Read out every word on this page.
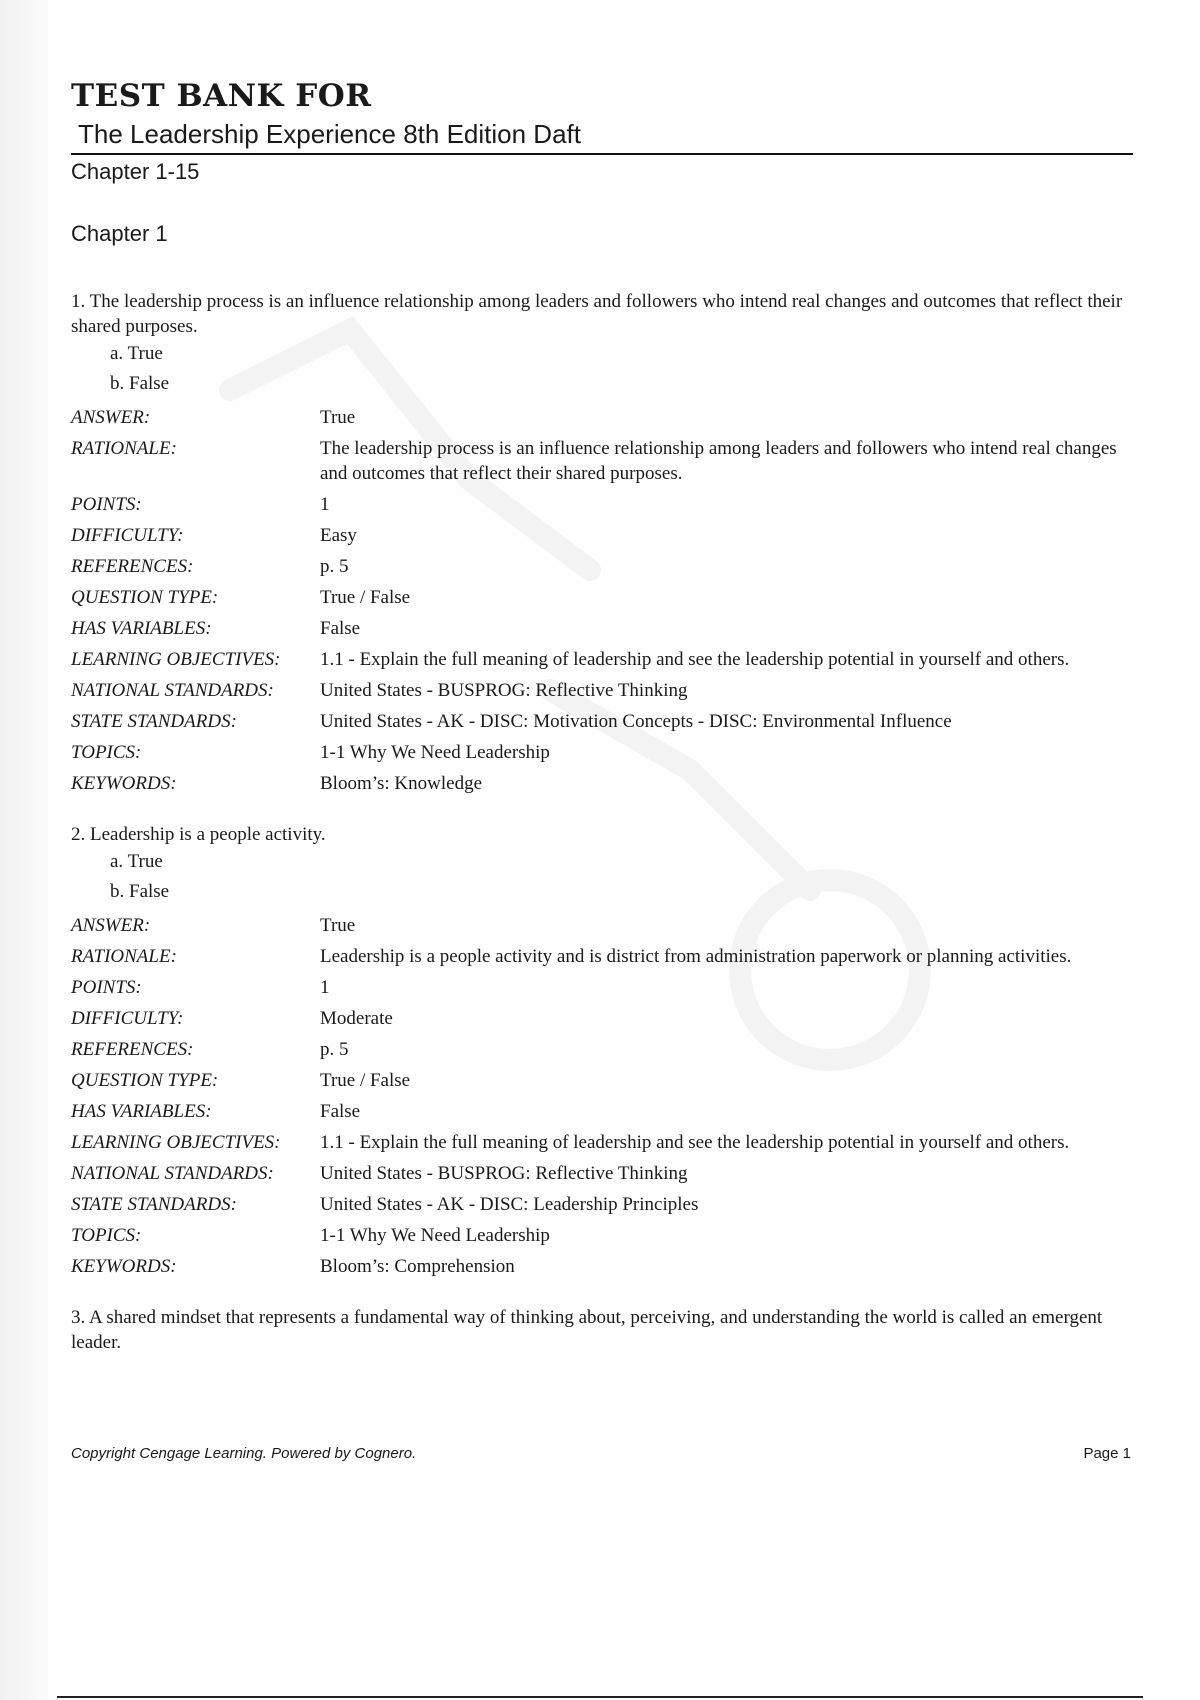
TEST BANK FOR
The Leadership Experience 8th Edition Daft
Chapter 1-15
Chapter 1
1. The leadership process is an influence relationship among leaders and followers who intend real changes and outcomes that reflect their shared purposes.
a. True
b. False
ANSWER:	True
RATIONALE:	The leadership process is an influence relationship among leaders and followers who intend real changes and outcomes that reflect their shared purposes.
POINTS:	1
DIFFICULTY:	Easy
REFERENCES:	p. 5
QUESTION TYPE:	True / False
HAS VARIABLES:	False
LEARNING OBJECTIVES:	1.1 - Explain the full meaning of leadership and see the leadership potential in yourself and others.
NATIONAL STANDARDS:	United States - BUSPROG: Reflective Thinking
STATE STANDARDS:	United States - AK - DISC: Motivation Concepts - DISC: Environmental Influence
TOPICS:	1-1 Why We Need Leadership
KEYWORDS:	Bloom’s: Knowledge
2. Leadership is a people activity.
a. True
b. False
ANSWER:	True
RATIONALE:	Leadership is a people activity and is district from administration paperwork or planning activities.
POINTS:	1
DIFFICULTY:	Moderate
REFERENCES:	p. 5
QUESTION TYPE:	True / False
HAS VARIABLES:	False
LEARNING OBJECTIVES:	1.1 - Explain the full meaning of leadership and see the leadership potential in yourself and others.
NATIONAL STANDARDS:	United States - BUSPROG: Reflective Thinking
STATE STANDARDS:	United States - AK - DISC: Leadership Principles
TOPICS:	1-1 Why We Need Leadership
KEYWORDS:	Bloom’s: Comprehension
3. A shared mindset that represents a fundamental way of thinking about, perceiving, and understanding the world is called an emergent leader.
Copyright Cengage Learning. Powered by Cognero.	Page 1
